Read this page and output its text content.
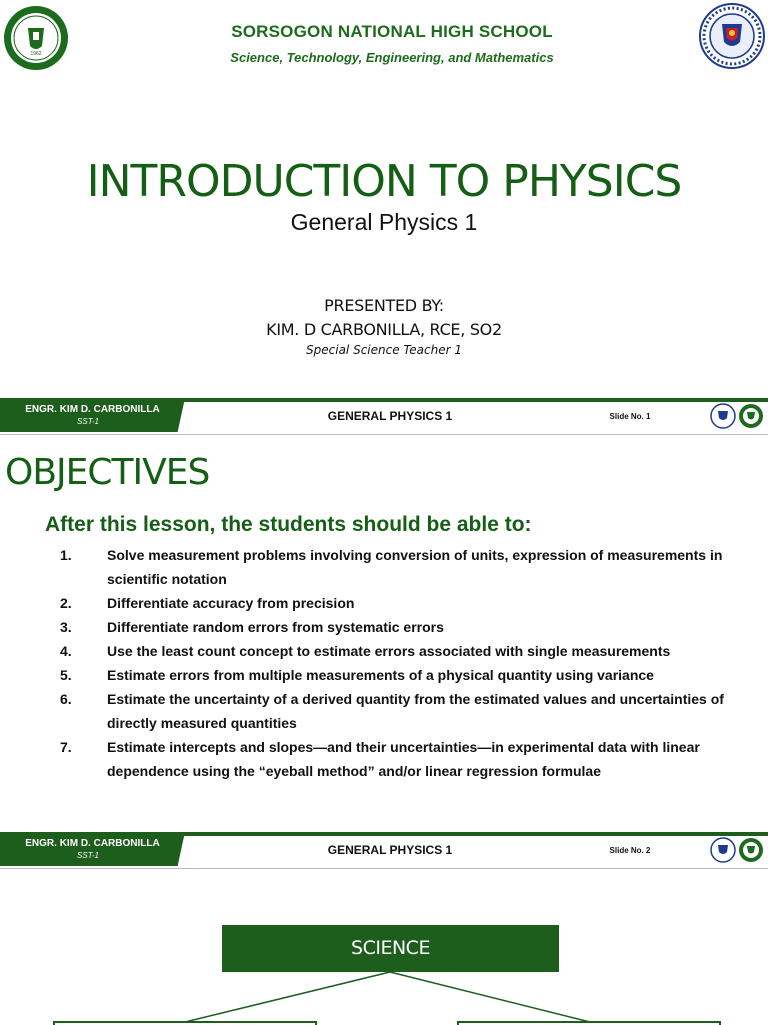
1962
SORSOGON NATIONAL HIGH SCHOOL
Science, Technology, Engineering, and Mathematics
INTRODUCTION TO PHYSICS
General Physics 1
PRESENTED BY:
KIM. D CARBONILLA, RCE, SO2
Special Science Teacher 1
ENGR. KIM D. CARBONILLA
SST-1	GENERAL PHYSICS 1	Slide No. 1
OBJECTIVES
After this lesson, the students should be able to:
1.	Solve measurement problems involving conversion of units, expression of measurements in scientific notation
2.	Differentiate accuracy from precision
3.	Differentiate random errors from systematic errors
4.	Use the least count concept to estimate errors associated with single measurements
5.	Estimate errors from multiple measurements of a physical quantity using variance
6.	Estimate the uncertainty of a derived quantity from the estimated values and uncertainties of directly measured quantities
7.	Estimate intercepts and slopes—and their uncertainties—in experimental data with linear dependence using the “eyeball method” and/or linear regression formulae
ENGR. KIM D. CARBONILLA
SST-1	GENERAL PHYSICS 1	Slide No. 2
SCIENCE
